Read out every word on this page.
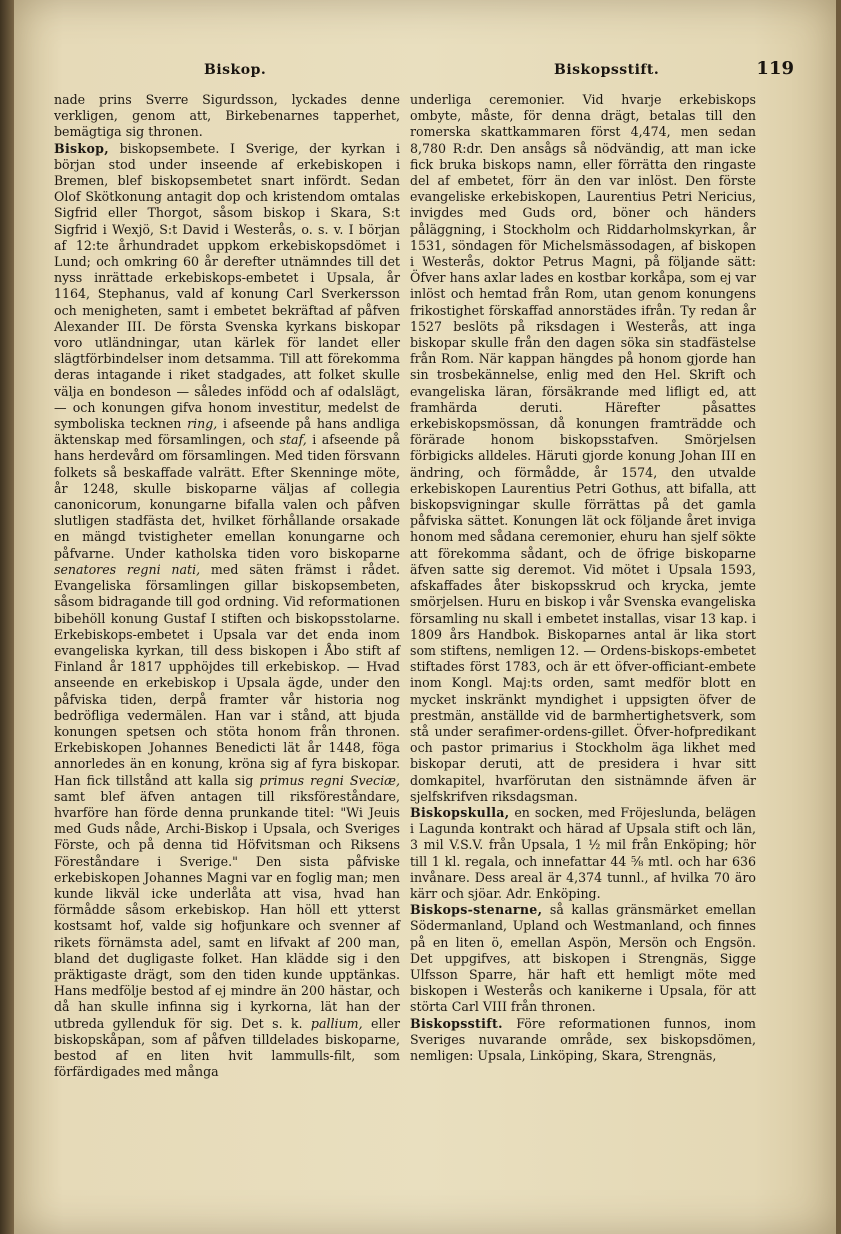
Biskop.	Biskopsstift.	119

nade prins Sverre Sigurdsson, lyckades denne verkligen, genom att, Birkebenarnes tapperhet, bemägtiga sig thronen.

Biskop, biskopsembete. I Sverige, der kyrkan i början stod under inseende af erkebiskopen i Bremen, blef biskopsembetet snart infördt. Sedan Olof Skötkonung antagit dop och kristendom omtalas Sigfrid eller Thorgot, såsom biskop i Skara, S:t Sigfrid i Wexjö, S:t David i Westerås, o. s. v. I början af 12:te århundradet uppkom erkebiskopsdömet i Lund; och omkring 60 år derefter utnämndes till det nyss inrättade erkebiskops-embetet i Upsala, år 1164, Stephanus, vald af konung Carl Sverkersson och menigheten, samt i embetet bekräftad af påfven Alexander III. De första Svenska kyrkans biskopar voro utländningar, utan kärlek för landet eller slägtförbindelser inom detsamma. Till att förekomma deras intagande i riket stadgades, att folket skulle välja en bondeson — således infödd och af odalslägt, — och konungen gifva honom investitur, medelst de symboliska tecknen ring, i afseende på hans andliga äktenskap med församlingen, och staf, i afseende på hans herdevård om församlingen. Med tiden försvann folkets så beskaffade valrätt. Efter Skenninge möte, år 1248, skulle biskoparne väljas af collegia canonicorum, konungarne bifalla valen och påfven slutligen stadfästa det, hvilket förhållande orsakade en mängd tvistigheter emellan konungarne och påfvarne. Under katholska tiden voro biskoparne senatores regni nati, med säten främst i rådet. Evangeliska församlingen gillar biskopsembeten, såsom bidragande till god ordning. Vid reformationen bibehöll konung Gustaf I stiften och biskopsstolarne. Erkebiskops-embetet i Upsala var det enda inom evangeliska kyrkan, till dess biskopen i Åbo stift af Finland år 1817 upphöjdes till erkebiskop. — Hvad anseende en erkebiskop i Upsala ägde, under den påfviska tiden, derpå framter vår historia nog bedröfliga vedermälen. Han var i stånd, att bjuda konungen spetsen och stöta honom från thronen. Erkebiskopen Johannes Benedicti lät år 1448, föga annorledes än en konung, kröna sig af fyra biskopar. Han fick tillstånd att kalla sig primus regni Sveciæ, samt blef äfven antagen till riksföreståndare, hvarföre han förde denna prunkande titel: "Wi Jeuis med Guds nåde, Archi-Biskop i Upsala, och Sveriges Förste, och på denna tid Höfvitsman och Riksens Föreståndare i Sverige." Den sista påfviske erkebiskopen Johannes Magni var en foglig man; men kunde likväl icke underlåta att visa, hvad han förmådde såsom erkebiskop. Han höll ett ytterst kostsamt hof, valde sig hofjunkare och svenner af rikets förnämsta adel, samt en lifvakt af 200 man, bland det dugligaste folket. Han klädde sig i den präktigaste drägt, som den tiden kunde upptänkas. Hans medfölje bestod af ej mindre än 200 hästar, och då han skulle infinna sig i kyrkorna, lät han der utbreda gyllenduk för sig. Det s. k. pallium, eller biskopskåpan, som af påfven tilldelades biskoparne, bestod af en liten hvit lammulls-filt, som förfärdigades med många

underliga ceremonier. Vid hvarje erkebiskops ombyte, måste, för denna drägt, betalas till den romerska skattkammaren först 4,474, men sedan 8,780 R:dr. Den ansågs så nödvändig, att man icke fick bruka biskops namn, eller förrätta den ringaste del af embetet, förr än den var inlöst. Den förste evangeliske erkebiskopen, Laurentius Petri Nericius, invigdes med Guds ord, böner och händers påläggning, i Stockholm och Riddarholmskyrkan, år 1531, söndagen för Michelsmässodagen, af biskopen i Westerås, doktor Petrus Magni, på följande sätt: Öfver hans axlar lades en kostbar korkåpa, som ej var inlöst och hemtad från Rom, utan genom konungens frikostighet förskaffad annorstädes ifrån. Ty redan år 1527 beslöts på riksdagen i Westerås, att inga biskopar skulle från den dagen söka sin stadfästelse från Rom. När kappan hängdes på honom gjorde han sin trosbekännelse, enlig med den Hel. Skrift och evangeliska läran, försäkrande med lifligt ed, att framhärda deruti. Härefter påsattes erkebiskopsmössan, då konungen framträdde och förärade honom biskopsstafven. Smörjelsen förbigicks alldeles. Häruti gjorde konung Johan III en ändring, och förmådde, år 1574, den utvalde erkebiskopen Laurentius Petri Gothus, att bifalla, att biskopsvigningar skulle förrättas på det gamla påfviska sättet. Konungen lät ock följande året inviga honom med sådana ceremonier, ehuru han sjelf sökte att förekomma sådant, och de öfrige biskoparne äfven satte sig deremot. Vid mötet i Upsala 1593, afskaffades åter biskopsskrud och kryckа, jemte smörjelsen. Huru en biskop i vår Svenska evangeliska församling nu skall i embetet installas, visar 13 kap. i 1809 års Handbok. Biskoparnes antal är lika stort som stiftens, nemligen 12. — Ordens-biskops-embetet stiftades först 1783, och är ett öfver-officiant-embete inom Kongl. Maj:ts orden, samt medför blott en mycket inskränkt myndighet i uppsigten öfver de prestmän, anställde vid de barmhertighetsverk, som stå under serafimer-ordens-gillet. Öfver-hofpredikant och pastor primarius i Stockholm äga likhet med biskopar deruti, att de presidera i hvar sitt domkapitel, hvarförutan den sistnämnde äfven är sjelfskrifven riksdagsman.

Biskopskulla, en socken, med Fröjeslunda, belägen i Lagunda kontrakt och härad af Upsala stift och län, 3 mil V.S.V. från Upsala, 1 ½ mil från Enköping; hör till 1 kl. regala, och innefattar 44 ⅝ mtl. och har 636 invånare. Dess areal är 4,374 tunnl., af hvilka 70 äro kärr och sjöar. Adr. Enköping.

Biskops-stenarne, så kallas gränsmärket emellan Södermanland, Upland och Westmanland, och finnes på en liten ö, emellan Aspön, Mersön och Engsön. Det uppgifves, att biskopen i Strengnäs, Sigge Ulfsson Sparre, här haft ett hemligt möte med biskopen i Westerås och kanikerne i Upsala, för att störta Carl VIII från thronen.

Biskopsstift. Före reformationen funnos, inom Sveriges nuvarande område, sex biskopsdömen, nemligen: Upsala, Linköping, Skara, Strengnäs,
